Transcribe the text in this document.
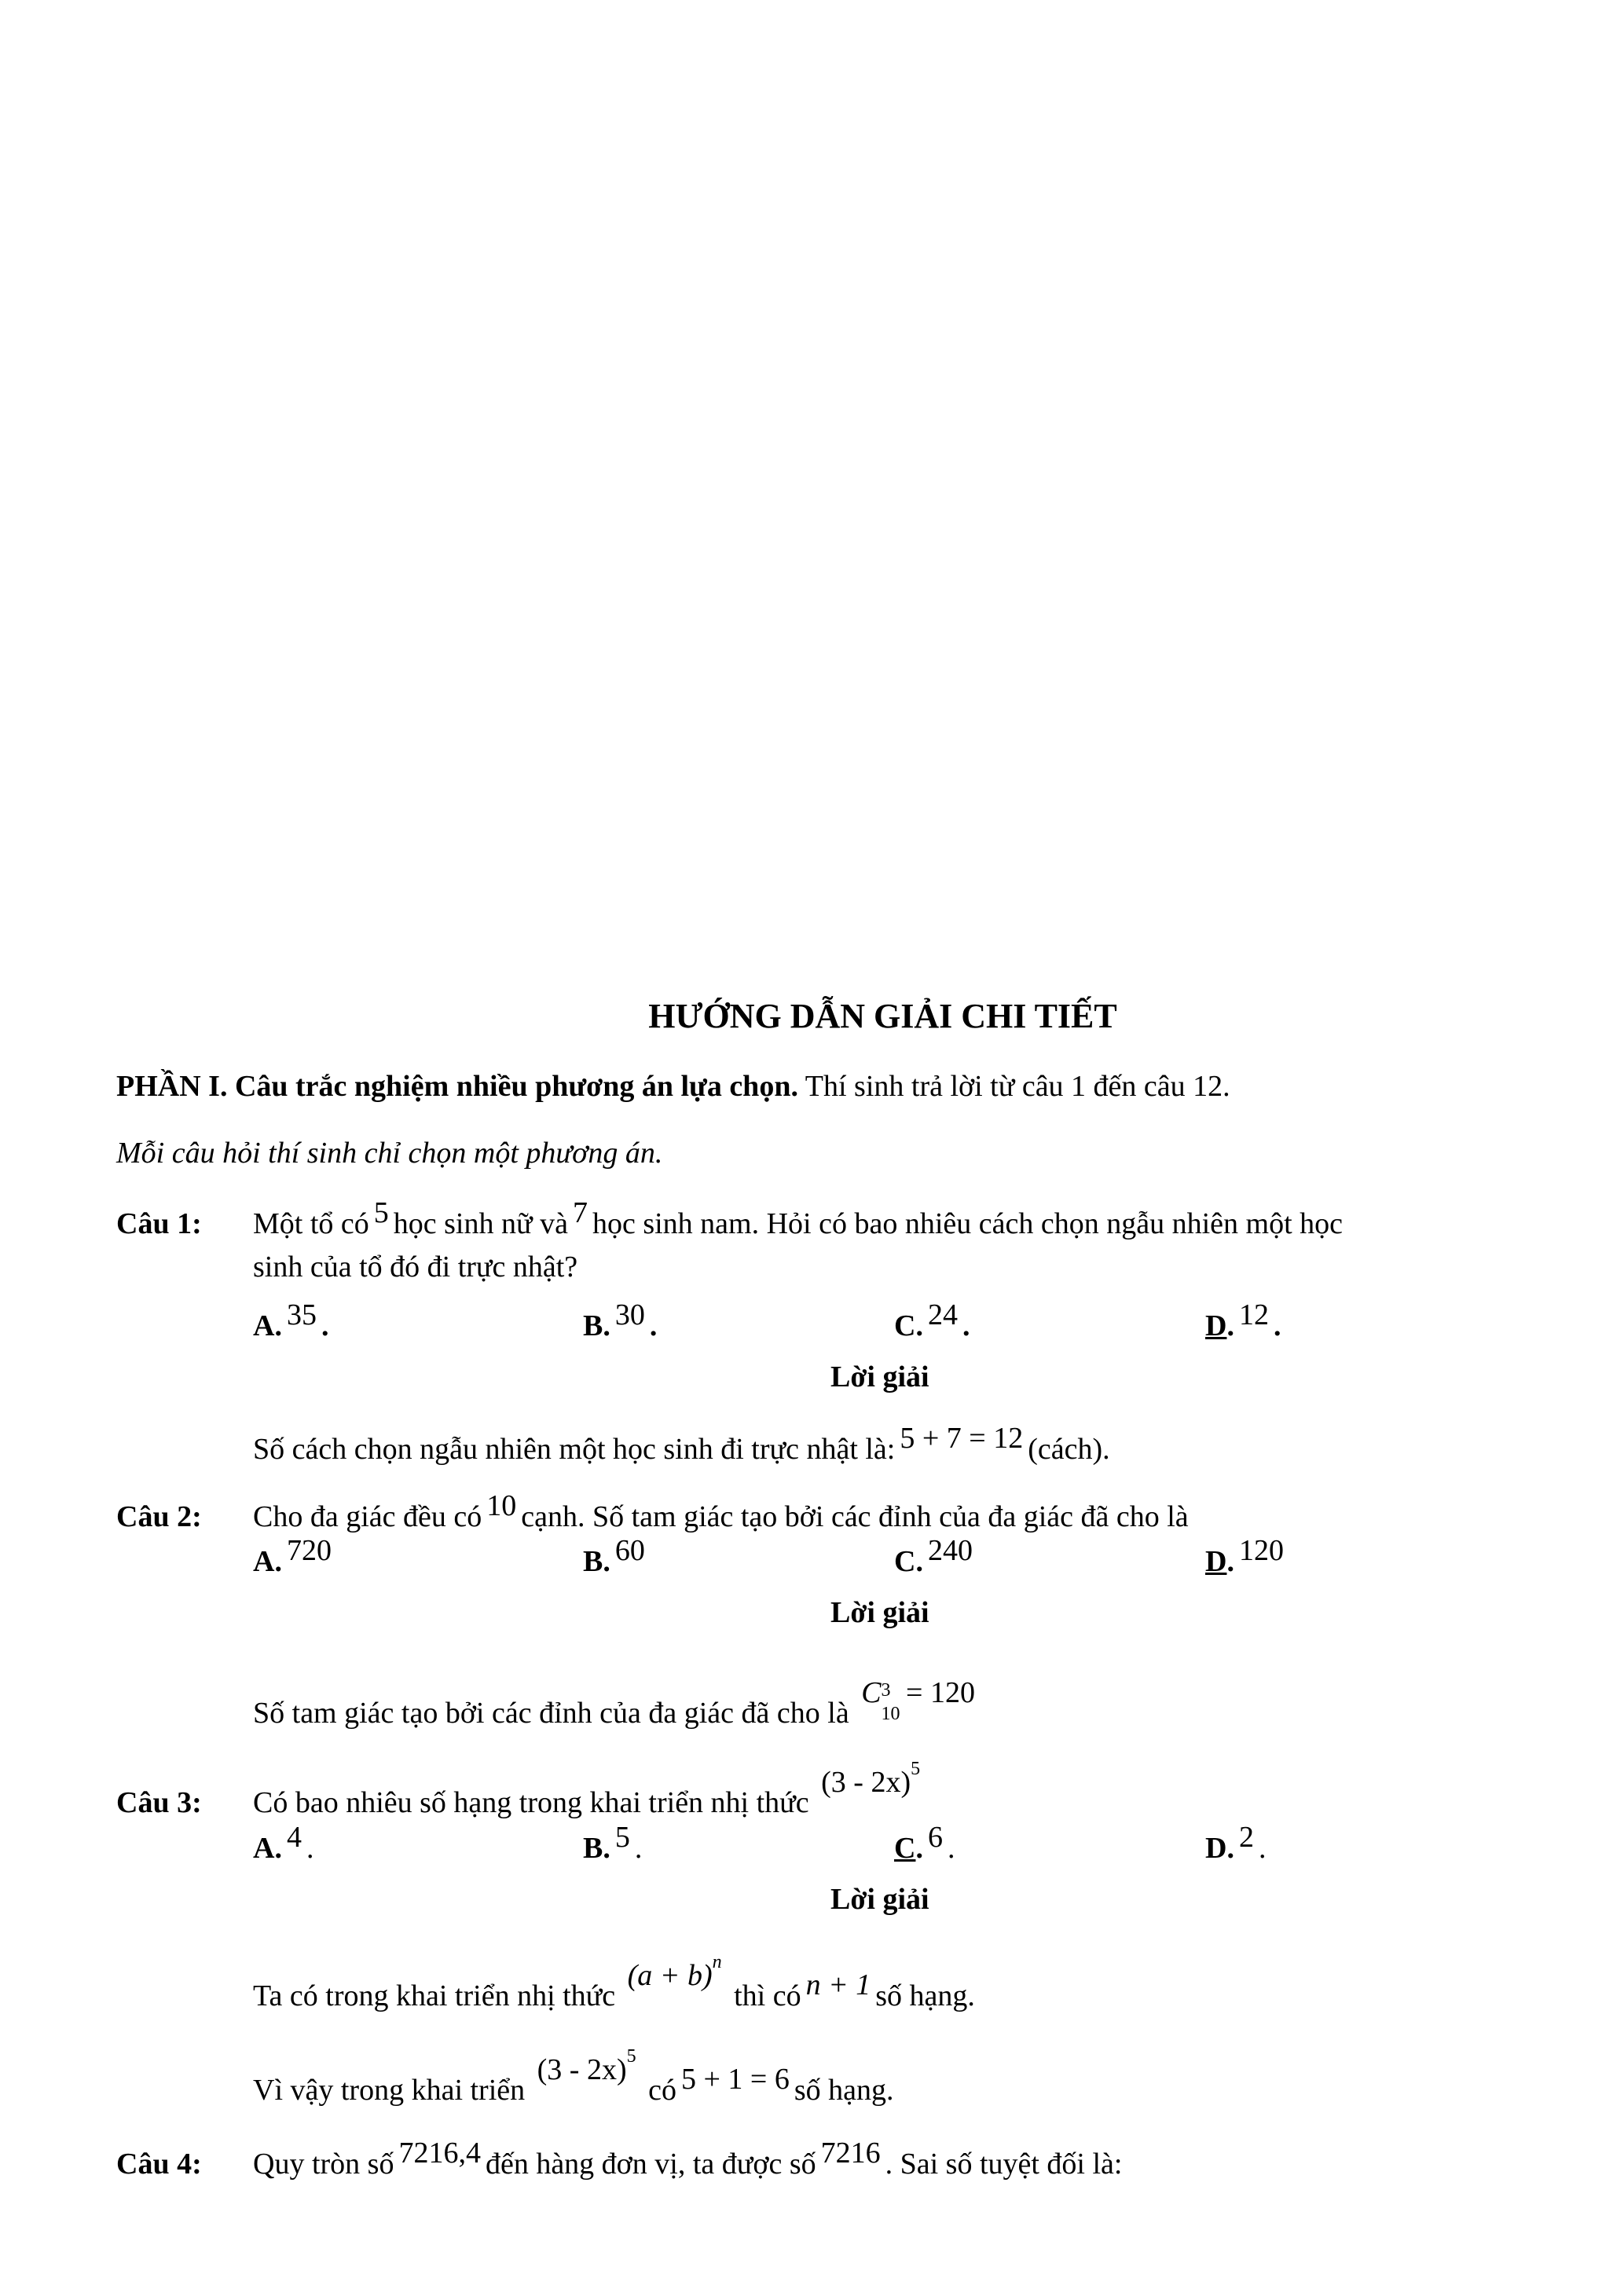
HƯỚNG DẪN GIẢI CHI TIẾT
PHẦN I. Câu trắc nghiệm nhiều phương án lựa chọn. Thí sinh trả lời từ câu 1 đến câu 12.
Mỗi câu hỏi thí sinh chỉ chọn một phương án.
Câu 1: Một tổ có 5 học sinh nữ và 7 học sinh nam. Hỏi có bao nhiêu cách chọn ngẫu nhiên một học
sinh của tổ đó đi trực nhật?
A. 35 .	B. 30 .	C. 24 .	D. 12 .
Lời giải
Số cách chọn ngẫu nhiên một học sinh đi trực nhật là: 5 + 7 = 12 (cách).
Câu 2: Cho đa giác đều có 10 cạnh. Số tam giác tạo bởi các đỉnh của đa giác đã cho là
A. 720	B. 60	C. 240	D. 120
Lời giải
Số tam giác tạo bởi các đỉnh của đa giác đã cho là C 3
10
= 120
Câu 3: Có bao nhiêu số hạng trong khai triển nhị thức (3 - 2x)$^5$
A. 4 .	B. 5 .	C. 6 .	D. 2 .
Lời giải
Ta có trong khai triển nhị thức $(a + b)^n$ thì có n + 1 số hạng.
Vì vậy trong khai triển (3 - 2x)$^5$ có 5 + 1 = 6 số hạng.
Câu 4: Quy tròn số 7216,4 đến hàng đơn vị, ta được số 7216 . Sai số tuyệt đối là:
